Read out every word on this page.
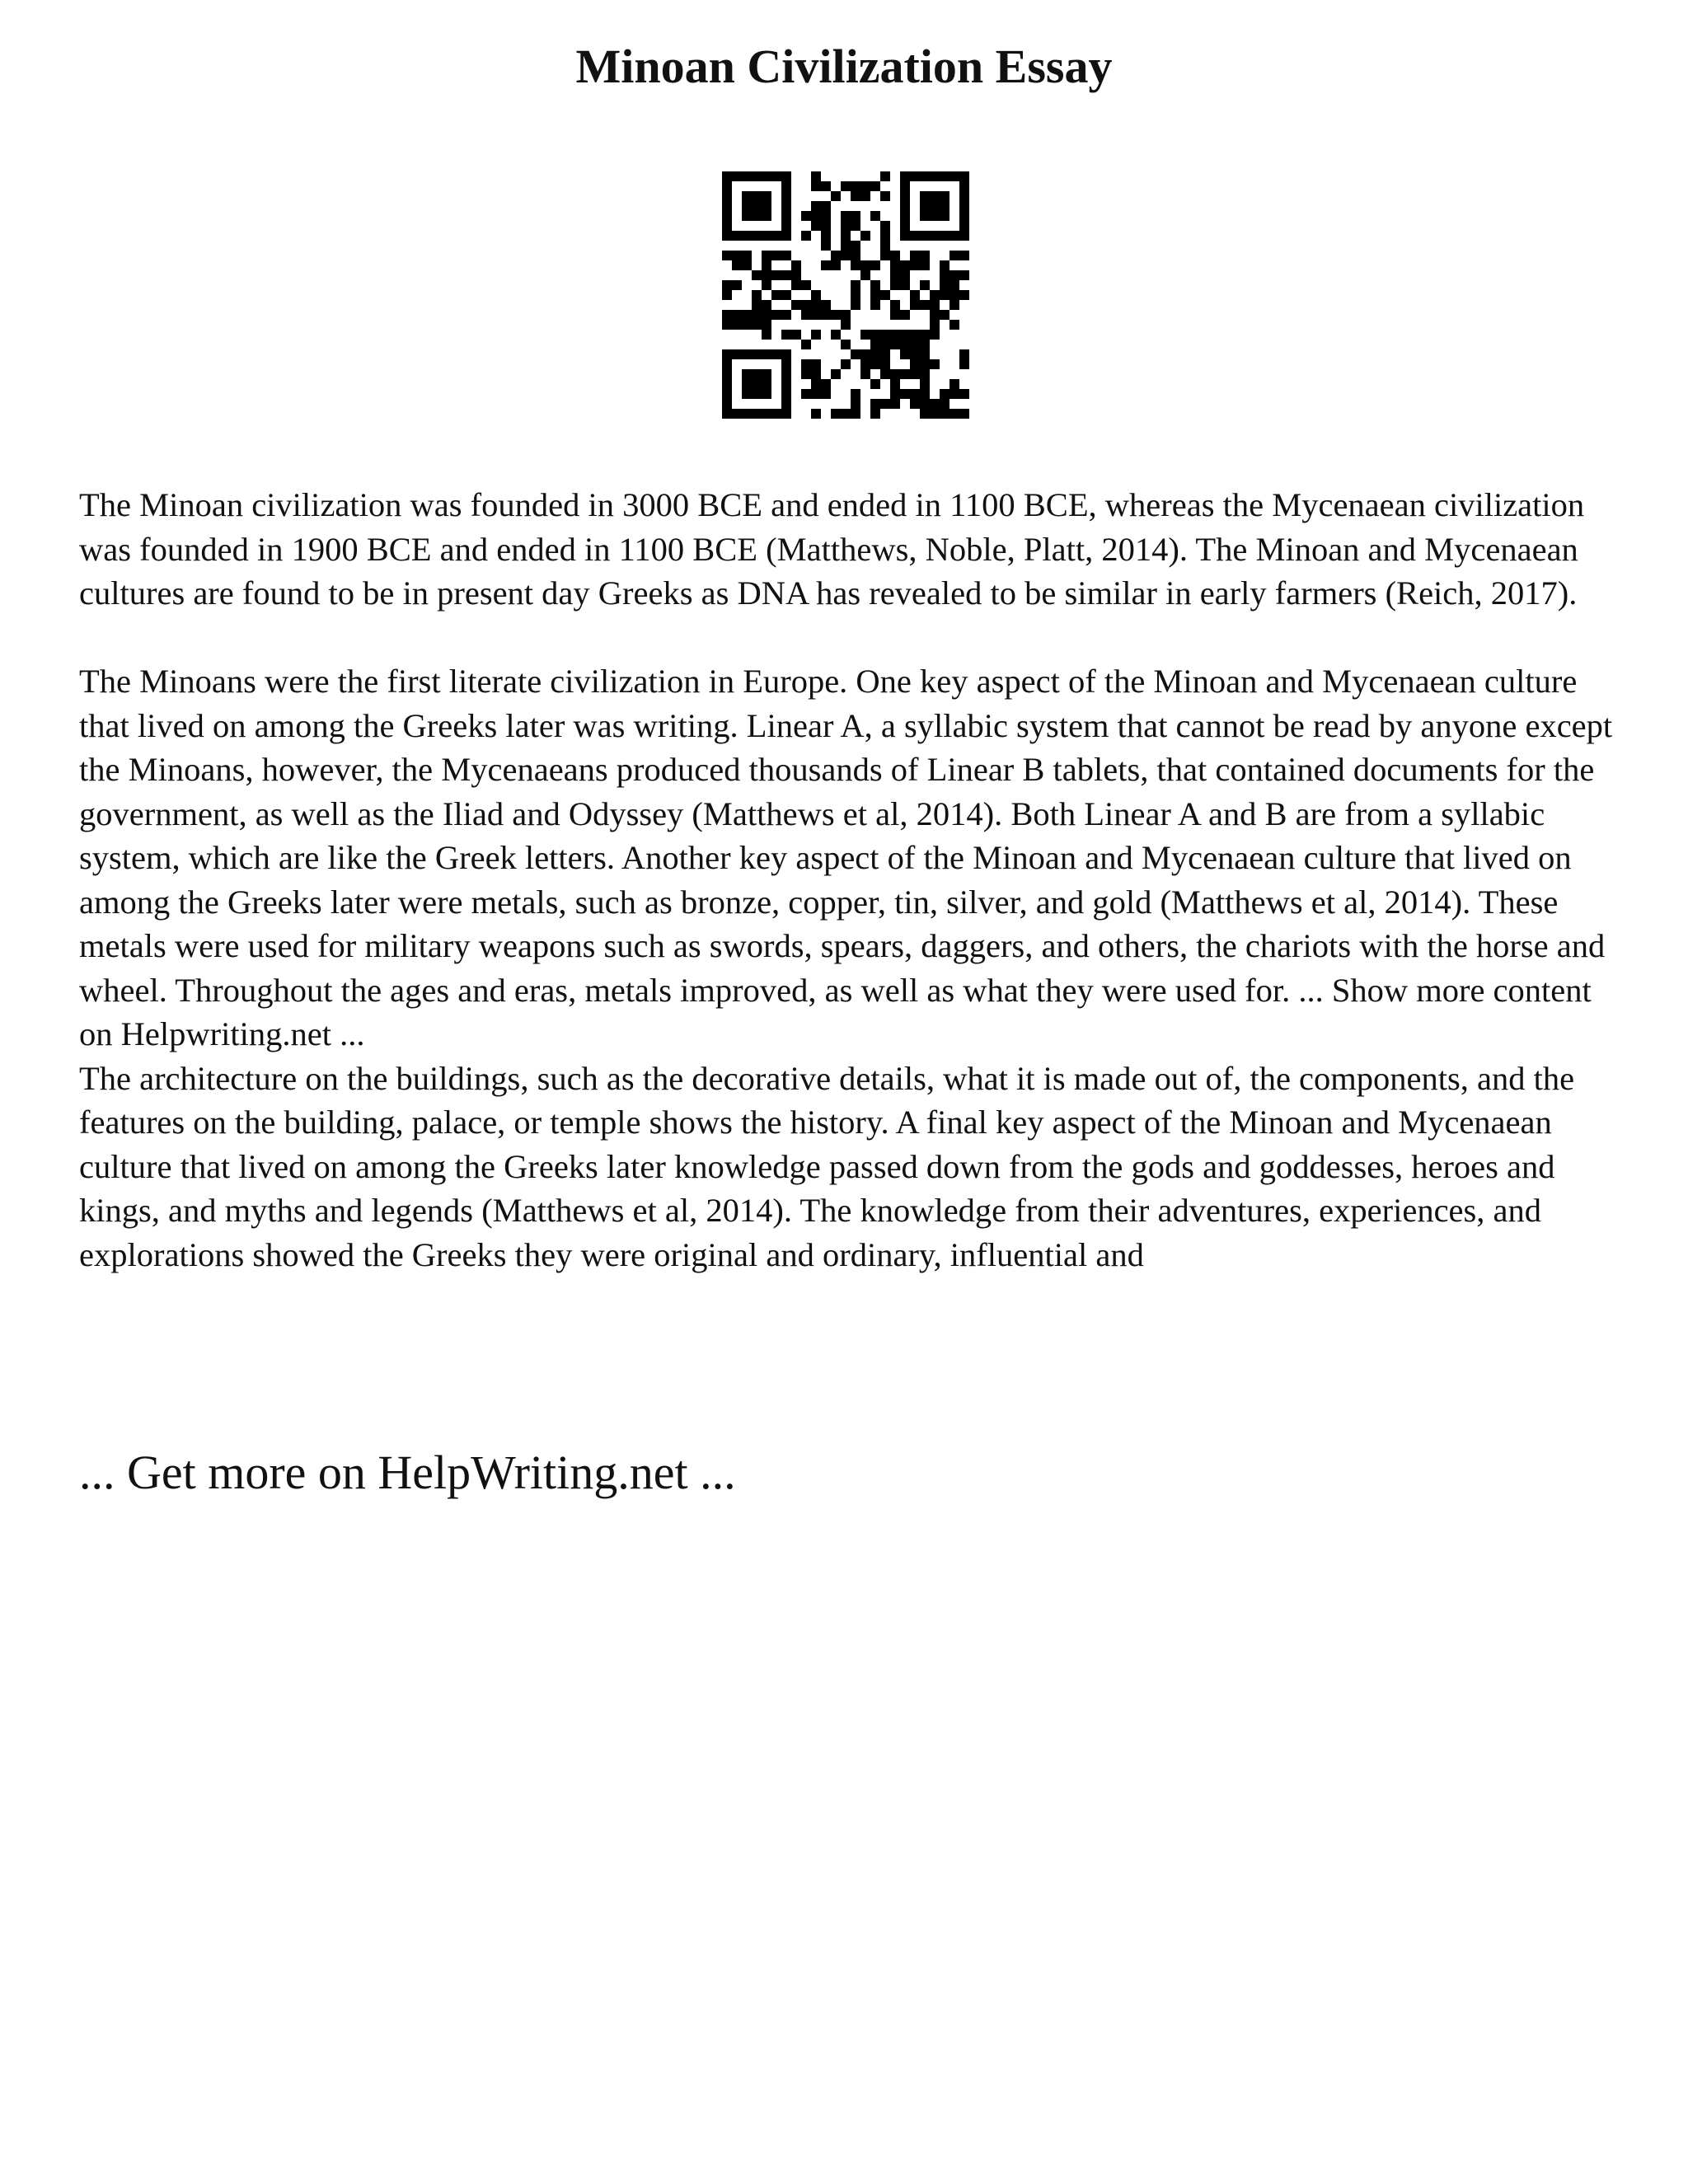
Minoan Civilization Essay

The Minoan civilization was founded in 3000 BCE and ended in 1100 BCE, whereas the Mycenaean civilization was founded in 1900 BCE and ended in 1100 BCE (Matthews, Noble, Platt, 2014). The Minoan and Mycenaean cultures are found to be in present day Greeks as DNA has revealed to be similar in early farmers (Reich, 2017).

The Minoans were the first literate civilization in Europe. One key aspect of the Minoan and Mycenaean culture that lived on among the Greeks later was writing. Linear A, a syllabic system that cannot be read by anyone except the Minoans, however, the Mycenaeans produced thousands of Linear B tablets, that contained documents for the government, as well as the Iliad and Odyssey (Matthews et al, 2014). Both Linear A and B are from a syllabic system, which are like the Greek letters. Another key aspect of the Minoan and Mycenaean culture that lived on among the Greeks later were metals, such as bronze, copper, tin, silver, and gold (Matthews et al, 2014). These metals were used for military weapons such as swords, spears, daggers, and others, the chariots with the horse and wheel. Throughout the ages and eras, metals improved, as well as what they were used for. ... Show more content on Helpwriting.net ...

The architecture on the buildings, such as the decorative details, what it is made out of, the components, and the features on the building, palace, or temple shows the history. A final key aspect of the Minoan and Mycenaean culture that lived on among the Greeks later knowledge passed down from the gods and goddesses, heroes and kings, and myths and legends (Matthews et al, 2014). The knowledge from their adventures, experiences, and explorations showed the Greeks they were original and ordinary, influential and

... Get more on HelpWriting.net ...
